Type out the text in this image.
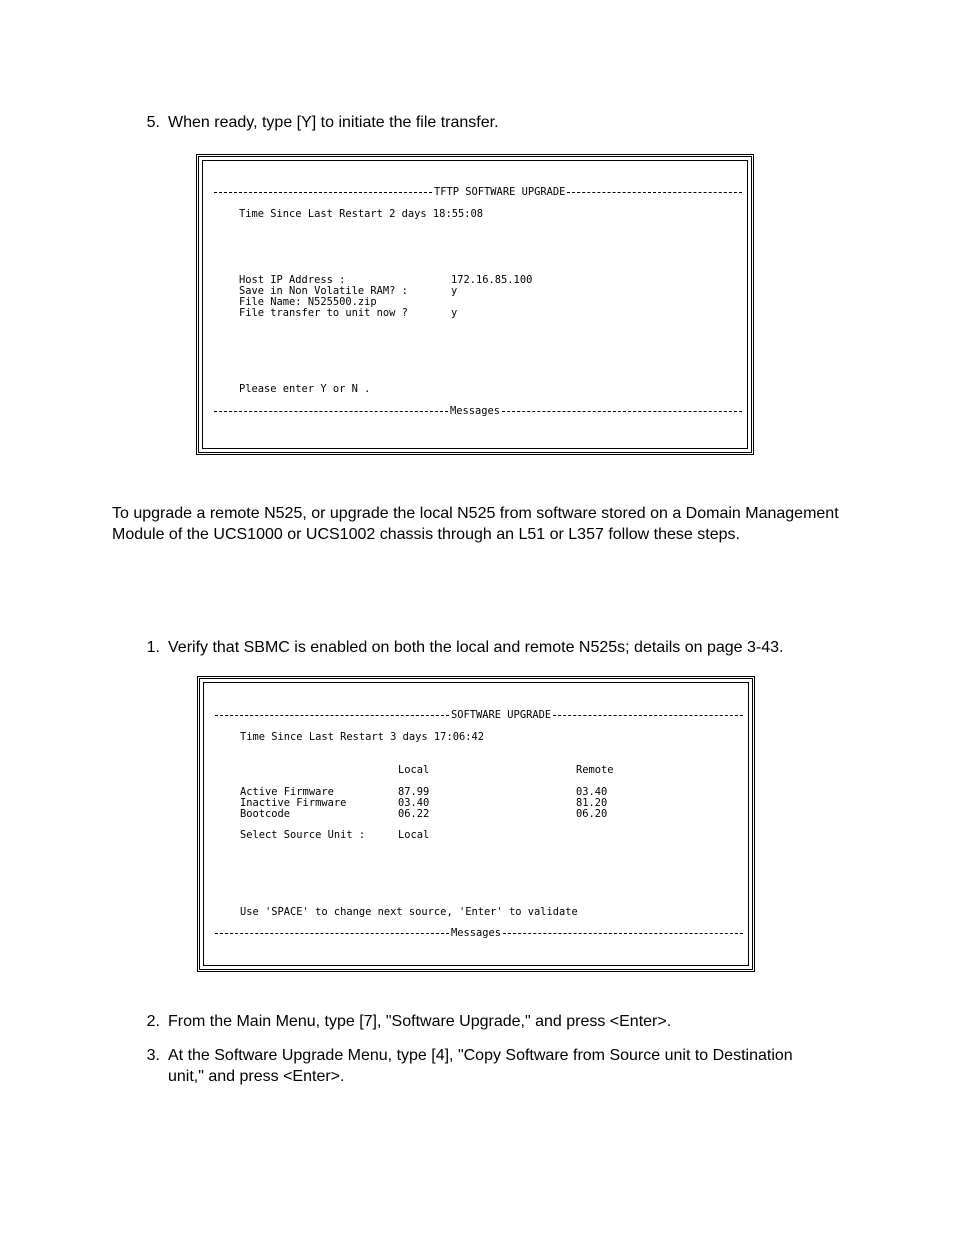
5. When ready, type [Y] to initiate the file transfer.
TFTP SOFTWARE UPGRADE
Time Since Last Restart 2 days 18:55:08
Host IP Address :	172.16.85.100
Save in Non Volatile RAM? :	y
File Name: N525500.zip
File transfer to unit now ?	y
Please enter Y or N .
Messages
To upgrade a remote N525, or upgrade the local N525 from software stored on a Domain Management Module of the UCS1000 or UCS1002 chassis through an L51 or L357 follow these steps.
1. Verify that SBMC is enabled on both the local and remote N525s; details on page 3-43.
SOFTWARE UPGRADE
Time Since Last Restart 3 days 17:06:42
Local	Remote
Active Firmware	87.99	03.40
Inactive Firmware	03.40	81.20
Bootcode	06.22	06.20
Select Source Unit :	Local
Use 'SPACE' to change next source, 'Enter' to validate
Messages
2. From the Main Menu, type [7], "Software Upgrade," and press <Enter>.
3. At the Software Upgrade Menu, type [4], "Copy Software from Source unit to Destination
unit," and press <Enter>.
